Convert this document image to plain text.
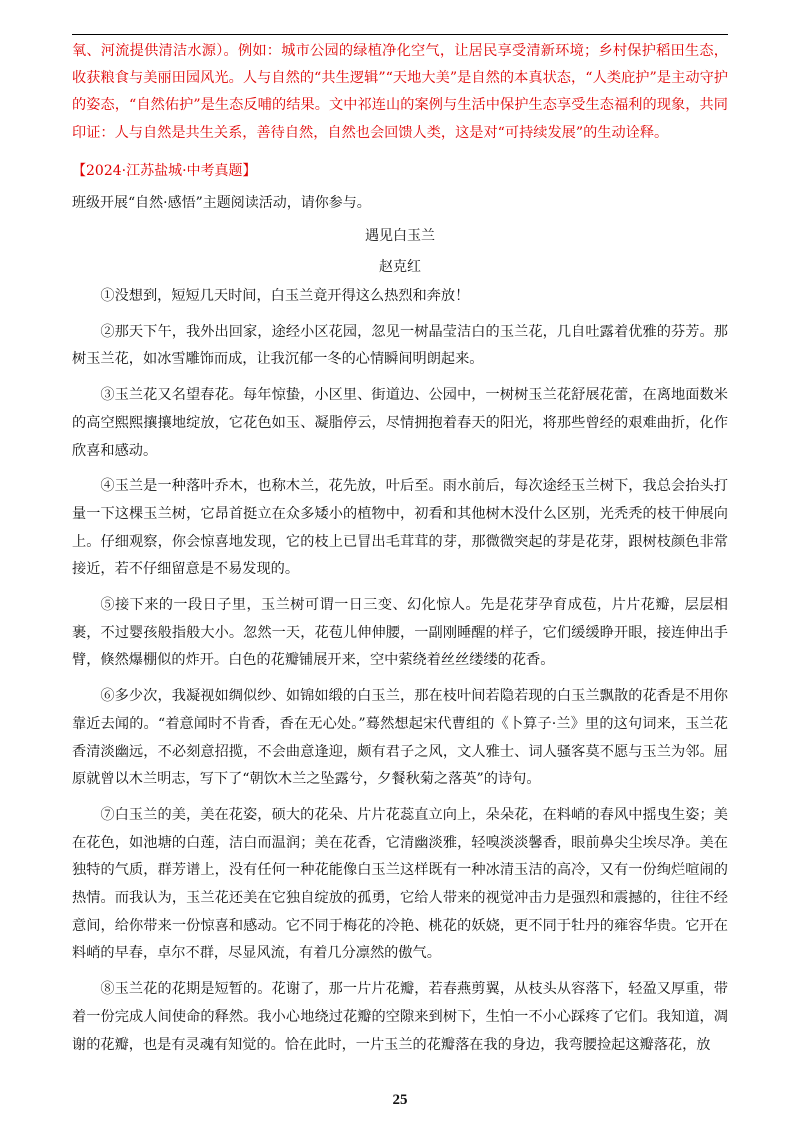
氧、河流提供清洁水源）。例如：城市公园的绿植净化空气，让居民享受清新环境；乡村保护稻田生态，收获粮食与美丽田园风光。人与自然的“共生逻辑”“天地大美”是自然的本真状态，“人类庇护”是主动守护的姿态，“自然佑护”是生态反哺的结果。文中祁连山的案例与生活中保护生态享受生态福利的现象，共同印证：人与自然是共生关系，善待自然，自然也会回馈人类，这是对“可持续发展”的生动诠释。

【2024·江苏盐城·中考真题】
班级开展“自然·感悟”主题阅读活动，请你参与。
遇见白玉兰
赵克红

①没想到，短短几天时间，白玉兰竟开得这么热烈和奔放！

②那天下午，我外出回家，途经小区花园，忽见一树晶莹洁白的玉兰花，几自吐露着优雅的芬芳。那树玉兰花，如冰雪雕饰而成，让我沉郁一冬的心情瞬间明朗起来。

③玉兰花又名望春花。每年惊蛰，小区里、街道边、公园中，一树树玉兰花舒展花蕾，在离地面数米的高空熙熙攘攘地绽放，它花色如玉、凝脂停云，尽情拥抱着春天的阳光，将那些曾经的艰难曲折，化作欣喜和感动。

④玉兰是一种落叶乔木，也称木兰，花先放，叶后至。雨水前后，每次途经玉兰树下，我总会抬头打量一下这棵玉兰树，它昂首挺立在众多矮小的植物中，初看和其他树木没什么区别，光秃秃的枝干伸展向上。仔细观察，你会惊喜地发现，它的枝上已冒出毛茸茸的芽，那微微突起的芽是花芽，跟树枝颜色非常接近，若不仔细留意是不易发现的。

⑤接下来的一段日子里，玉兰树可谓一日三变、幻化惊人。先是花芽孕育成苞，片片花瓣，层层相裹，不过婴孩般指般大小。忽然一天，花苞儿伸伸腰，一副刚睡醒的样子，它们缓缓睁开眼，接连伸出手臂，倏然爆棚似的炸开。白色的花瓣铺展开来，空中萦绕着丝丝缕缕的花香。

⑥多少次，我凝视如绸似纱、如锦如缎的白玉兰，那在枝叶间若隐若现的白玉兰飘散的花香是不用你靠近去闻的。“着意闻时不肯香，香在无心处。”蓦然想起宋代曹组的《卜算子·兰》里的这句词来，玉兰花香清淡幽远，不必刻意招揽，不会曲意逢迎，颇有君子之风，文人雅士、词人骚客莫不愿与玉兰为邻。屈原就曾以木兰明志，写下了“朝饮木兰之坠露兮，夕餐秋菊之落英”的诗句。

⑦白玉兰的美，美在花姿，硕大的花朵、片片花蕊直立向上，朵朵花，在料峭的春风中摇曳生姿；美在花色，如池塘的白莲，洁白而温润；美在花香，它清幽淡雅，轻嗅淡淡馨香，眼前鼻尖尘埃尽净。美在独特的气质，群芳谱上，没有任何一种花能像白玉兰这样既有一种冰清玉洁的高冷，又有一份绚烂喧闹的热情。而我认为，玉兰花还美在它独自绽放的孤勇，它给人带来的视觉冲击力是强烈和震撼的，往往不经意间，给你带来一份惊喜和感动。它不同于梅花的冷艳、桃花的妖娆，更不同于牡丹的雍容华贵。它开在料峭的早春，卓尔不群，尽显风流，有着几分凛然的傲气。

⑧玉兰花的花期是短暂的。花谢了，那一片片花瓣，若春燕剪翼，从枝头从容落下，轻盈又厚重，带着一份完成人间使命的释然。我小心地绕过花瓣的空隙来到树下，生怕一不小心踩疼了它们。我知道，凋谢的花瓣，也是有灵魂有知觉的。恰在此时，一片玉兰的花瓣落在我的身边，我弯腰捡起这瓣落花，放

25
